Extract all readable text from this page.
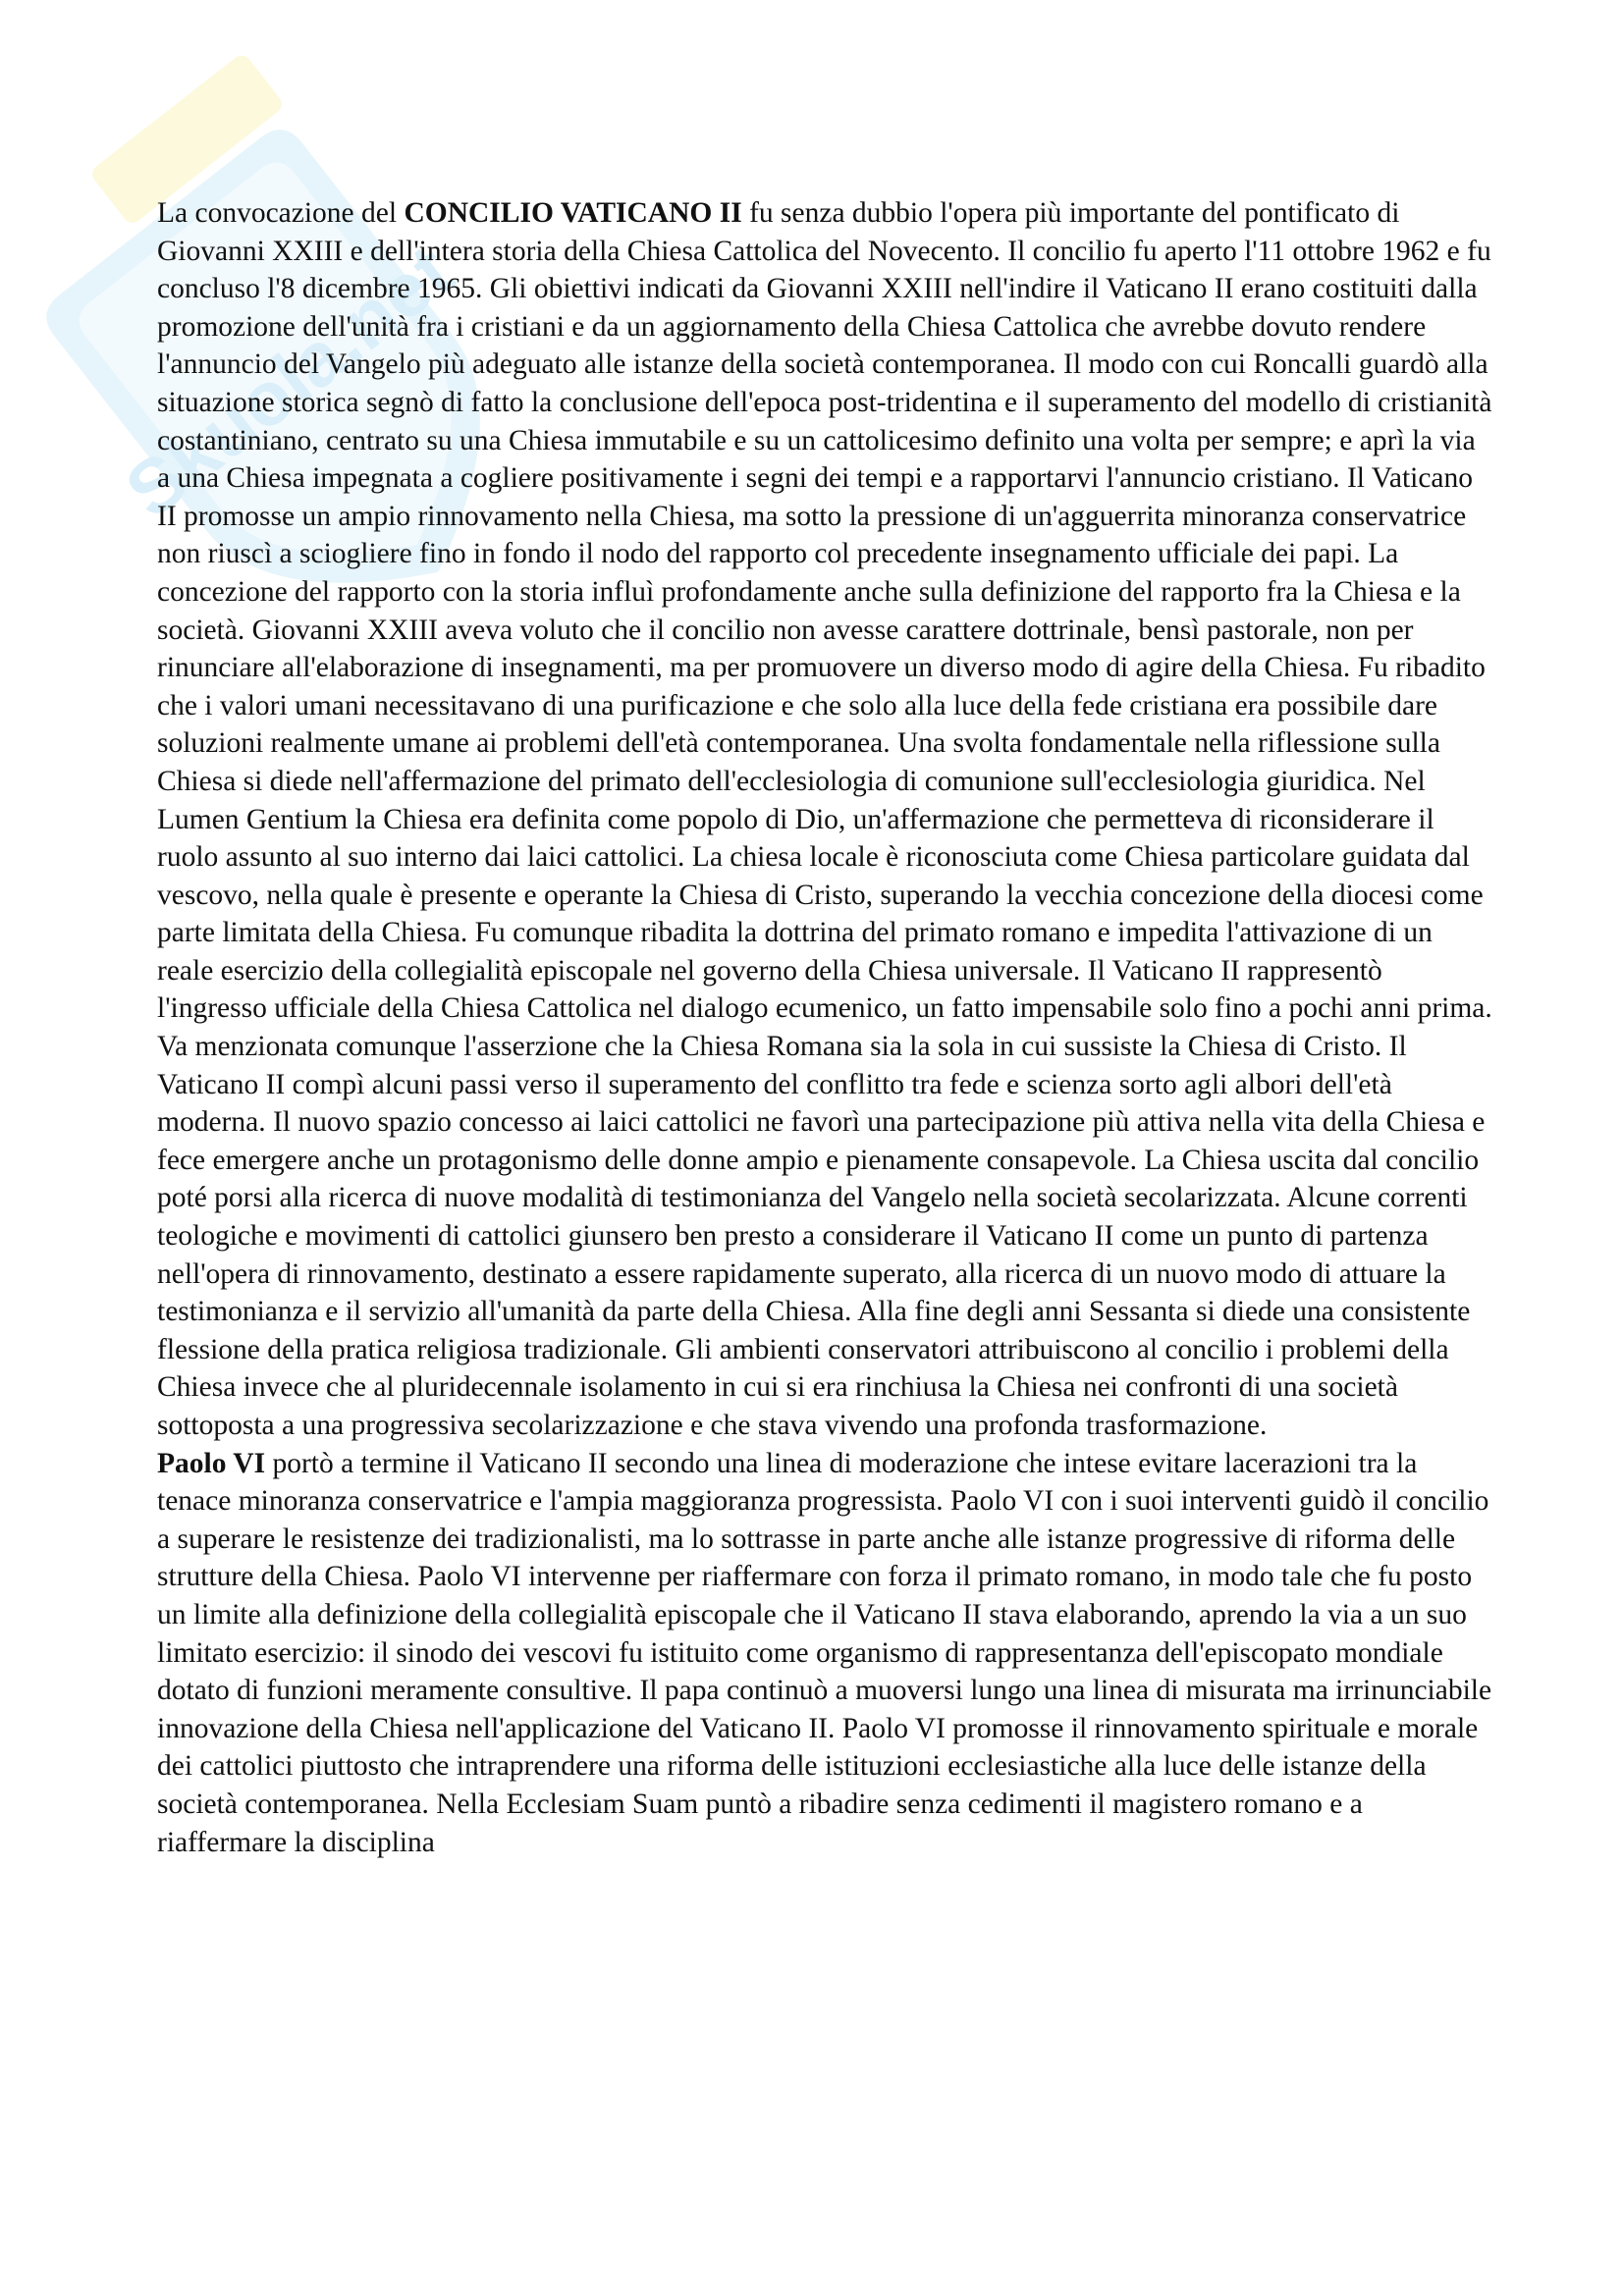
Skuola.net

La convocazione del CONCILIO VATICANO II fu senza dubbio l'opera più importante del pontificato di Giovanni XXIII e dell'intera storia della Chiesa Cattolica del Novecento. Il concilio fu aperto l'11 ottobre 1962 e fu concluso l'8 dicembre 1965. Gli obiettivi indicati da Giovanni XXIII nell'indire il Vaticano II erano costituiti dalla promozione dell'unità fra i cristiani e da un aggiornamento della Chiesa Cattolica che avrebbe dovuto rendere l'annuncio del Vangelo più adeguato alle istanze della società contemporanea. Il modo con cui Roncalli guardò alla situazione storica segnò di fatto la conclusione dell'epoca post-tridentina e il superamento del modello di cristianità costantiniano, centrato su una Chiesa immutabile e su un cattolicesimo definito una volta per sempre; e aprì la via a una Chiesa impegnata a cogliere positivamente i segni dei tempi e a rapportarvi l'annuncio cristiano. Il Vaticano II promosse un ampio rinnovamento nella Chiesa, ma sotto la pressione di un'agguerrita minoranza conservatrice non riuscì a sciogliere fino in fondo il nodo del rapporto col precedente insegnamento ufficiale dei papi. La concezione del rapporto con la storia influì profondamente anche sulla definizione del rapporto fra la Chiesa e la società. Giovanni XXIII aveva voluto che il concilio non avesse carattere dottrinale, bensì pastorale, non per rinunciare all'elaborazione di insegnamenti, ma per promuovere un diverso modo di agire della Chiesa. Fu ribadito che i valori umani necessitavano di una purificazione e che solo alla luce della fede cristiana era possibile dare soluzioni realmente umane ai problemi dell'età contemporanea. Una svolta fondamentale nella riflessione sulla Chiesa si diede nell'affermazione del primato dell'ecclesiologia di comunione sull'ecclesiologia giuridica. Nel Lumen Gentium la Chiesa era definita come popolo di Dio, un'affermazione che permetteva di riconsiderare il ruolo assunto al suo interno dai laici cattolici. La chiesa locale è riconosciuta come Chiesa particolare guidata dal vescovo, nella quale è presente e operante la Chiesa di Cristo, superando la vecchia concezione della diocesi come parte limitata della Chiesa. Fu comunque ribadita la dottrina del primato romano e impedita l'attivazione di un reale esercizio della collegialità episcopale nel governo della Chiesa universale. Il Vaticano II rappresentò l'ingresso ufficiale della Chiesa Cattolica nel dialogo ecumenico, un fatto impensabile solo fino a pochi anni prima. Va menzionata comunque l'asserzione che la Chiesa Romana sia la sola in cui sussiste la Chiesa di Cristo. Il Vaticano II compì alcuni passi verso il superamento del conflitto tra fede e scienza sorto agli albori dell'età moderna. Il nuovo spazio concesso ai laici cattolici ne favorì una partecipazione più attiva nella vita della Chiesa e fece emergere anche un protagonismo delle donne ampio e pienamente consapevole. La Chiesa uscita dal concilio poté porsi alla ricerca di nuove modalità di testimonianza del Vangelo nella società secolarizzata. Alcune correnti teologiche e movimenti di cattolici giunsero ben presto a considerare il Vaticano II come un punto di partenza nell'opera di rinnovamento, destinato a essere rapidamente superato, alla ricerca di un nuovo modo di attuare la testimonianza e il servizio all'umanità da parte della Chiesa. Alla fine degli anni Sessanta si diede una consistente flessione della pratica religiosa tradizionale. Gli ambienti conservatori attribuiscono al concilio i problemi della Chiesa invece che al pluridecennale isolamento in cui si era rinchiusa la Chiesa nei confronti di una società sottoposta a una progressiva secolarizzazione e che stava vivendo una profonda trasformazione.

Paolo VI portò a termine il Vaticano II secondo una linea di moderazione che intese evitare lacerazioni tra la tenace minoranza conservatrice e l'ampia maggioranza progressista. Paolo VI con i suoi interventi guidò il concilio a superare le resistenze dei tradizionalisti, ma lo sottrasse in parte anche alle istanze progressive di riforma delle strutture della Chiesa. Paolo VI intervenne per riaffermare con forza il primato romano, in modo tale che fu posto un limite alla definizione della collegialità episcopale che il Vaticano II stava elaborando, aprendo la via a un suo limitato esercizio: il sinodo dei vescovi fu istituito come organismo di rappresentanza dell'episcopato mondiale dotato di funzioni meramente consultive. Il papa continuò a muoversi lungo una linea di misurata ma irrinunciabile innovazione della Chiesa nell'applicazione del Vaticano II. Paolo VI promosse il rinnovamento spirituale e morale dei cattolici piuttosto che intraprendere una riforma delle istituzioni ecclesiastiche alla luce delle istanze della società contemporanea. Nella Ecclesiam Suam puntò a ribadire senza cedimenti il magistero romano e a riaffermare la disciplina
